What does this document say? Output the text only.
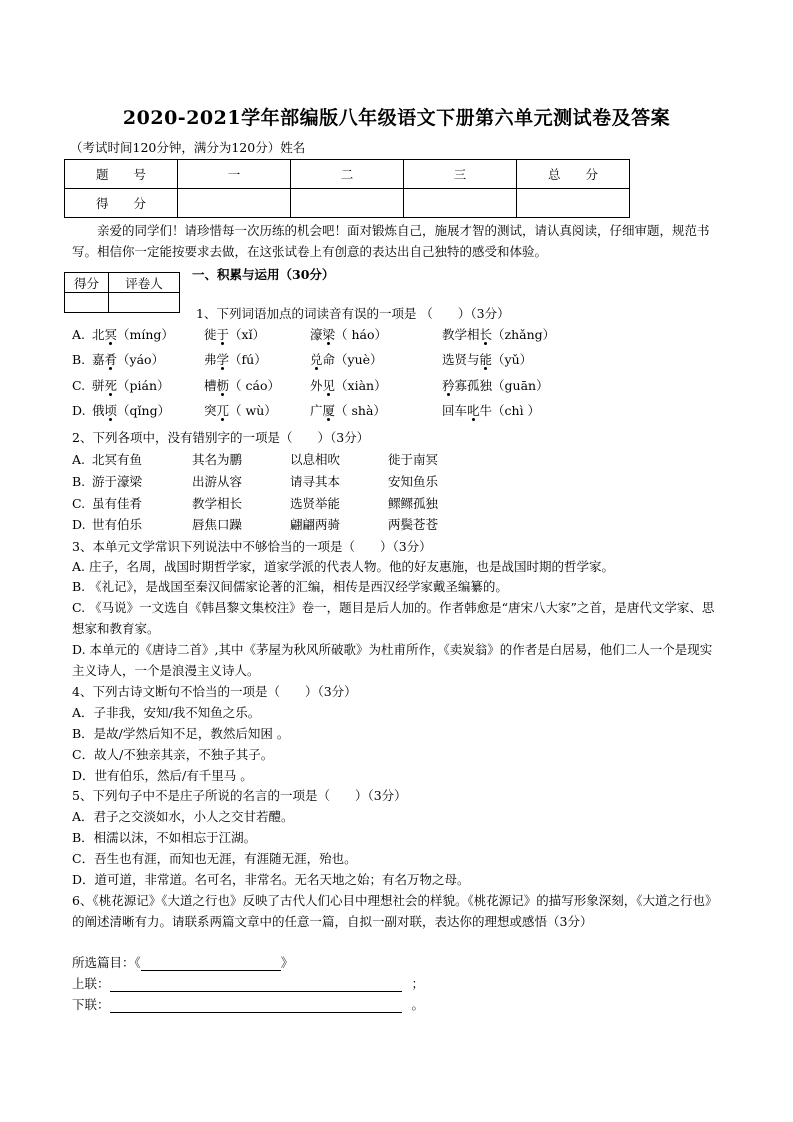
2020-2021学年部编版八年级语文下册第六单元测试卷及答案
（考试时间120分钟，满分为120分）姓名
题　　号	一	二	三	总　　分
得　　分				
亲爱的同学们！请珍惜每一次历练的机会吧！面对锻炼自己，施展才智的测试，请认真阅读，仔细审题，规范书写。相信你一定能按要求去做，在这张试卷上有创意的表达出自己独特的感受和体验。
得分	评卷人

一、积累与运用（30分）
1、下列词语加点的词读音有误的一项是 （　　）（3分）
A. 北冥（míng） 徙于（xǐ）	濠梁（ háo）	教学相长（zhǎng）
B. 嘉肴（yáo）	弗学（fú）	兑命（yuè）	选贤与能（yǔ）
C. 骈死（pián）	槽枥（ cáo） 外见（xiàn）	矜寡孤独（guān）
D. 俄顷（qǐng）	突兀（ wù）	广厦（ shà）	回车叱牛（chì ）
2、下列各项中，没有错别字的一项是（　　）（3分）
A. 北冥有鱼	其名为鹏	以息相吹	徙于南冥
B. 游于濠梁	出游从容	请寻其本	安知鱼乐
C. 虽有佳肴	教学相长	选贤举能	鳏鳏孤独
D. 世有伯乐	唇焦口躁	翩翩两骑	两鬓苍苍
3、本单元文学常识下列说法中不够恰当的一项是（　　）（3分）
A. 庄子，名周，战国时期哲学家，道家学派的代表人物。他的好友惠施，也是战国时期的哲学家。
B. 《礼记》，是战国至秦汉间儒家论著的汇编，相传是西汉经学家戴圣编纂的。
C. 《马说》一文选自《韩昌黎文集校注》卷一，题目是后人加的。作者韩愈是“唐宋八大家”之首，是唐代文学家、思想家和教育家。
D. 本单元的《唐诗二首》,其中《茅屋为秋风所破歌》为杜甫所作，《卖炭翁》的作者是白居易，他们二人一个是现实主义诗人，一个是浪漫主义诗人。
4、下列古诗文断句不恰当的一项是（　　）（3分）
A．子非我，安知/我不知鱼之乐。
B．是故/学然后知不足，教然后知困 。
C．故人/不独亲其亲，不独子其子。
D．世有伯乐，然后/有千里马 。
5、下列句子中不是庄子所说的名言的一项是（　　）（3分）
A．君子之交淡如水，小人之交甘若醴。
B．相濡以沫，不如相忘于江湖。
C．吾生也有涯，而知也无涯，有涯随无涯，殆也。
D．道可道，非常道。名可名，非常名。无名天地之始；有名万物之母。
6、《桃花源记》《大道之行也》反映了古代人们心目中理想社会的样貌。《桃花源记》的描写形象深刻，《大道之行也》的阐述清晰有力。请联系两篇文章中的任意一篇，自拟一副对联，表达你的理想或感悟（3分）
所选篇目：《	》
上联：	；
下联：	。
